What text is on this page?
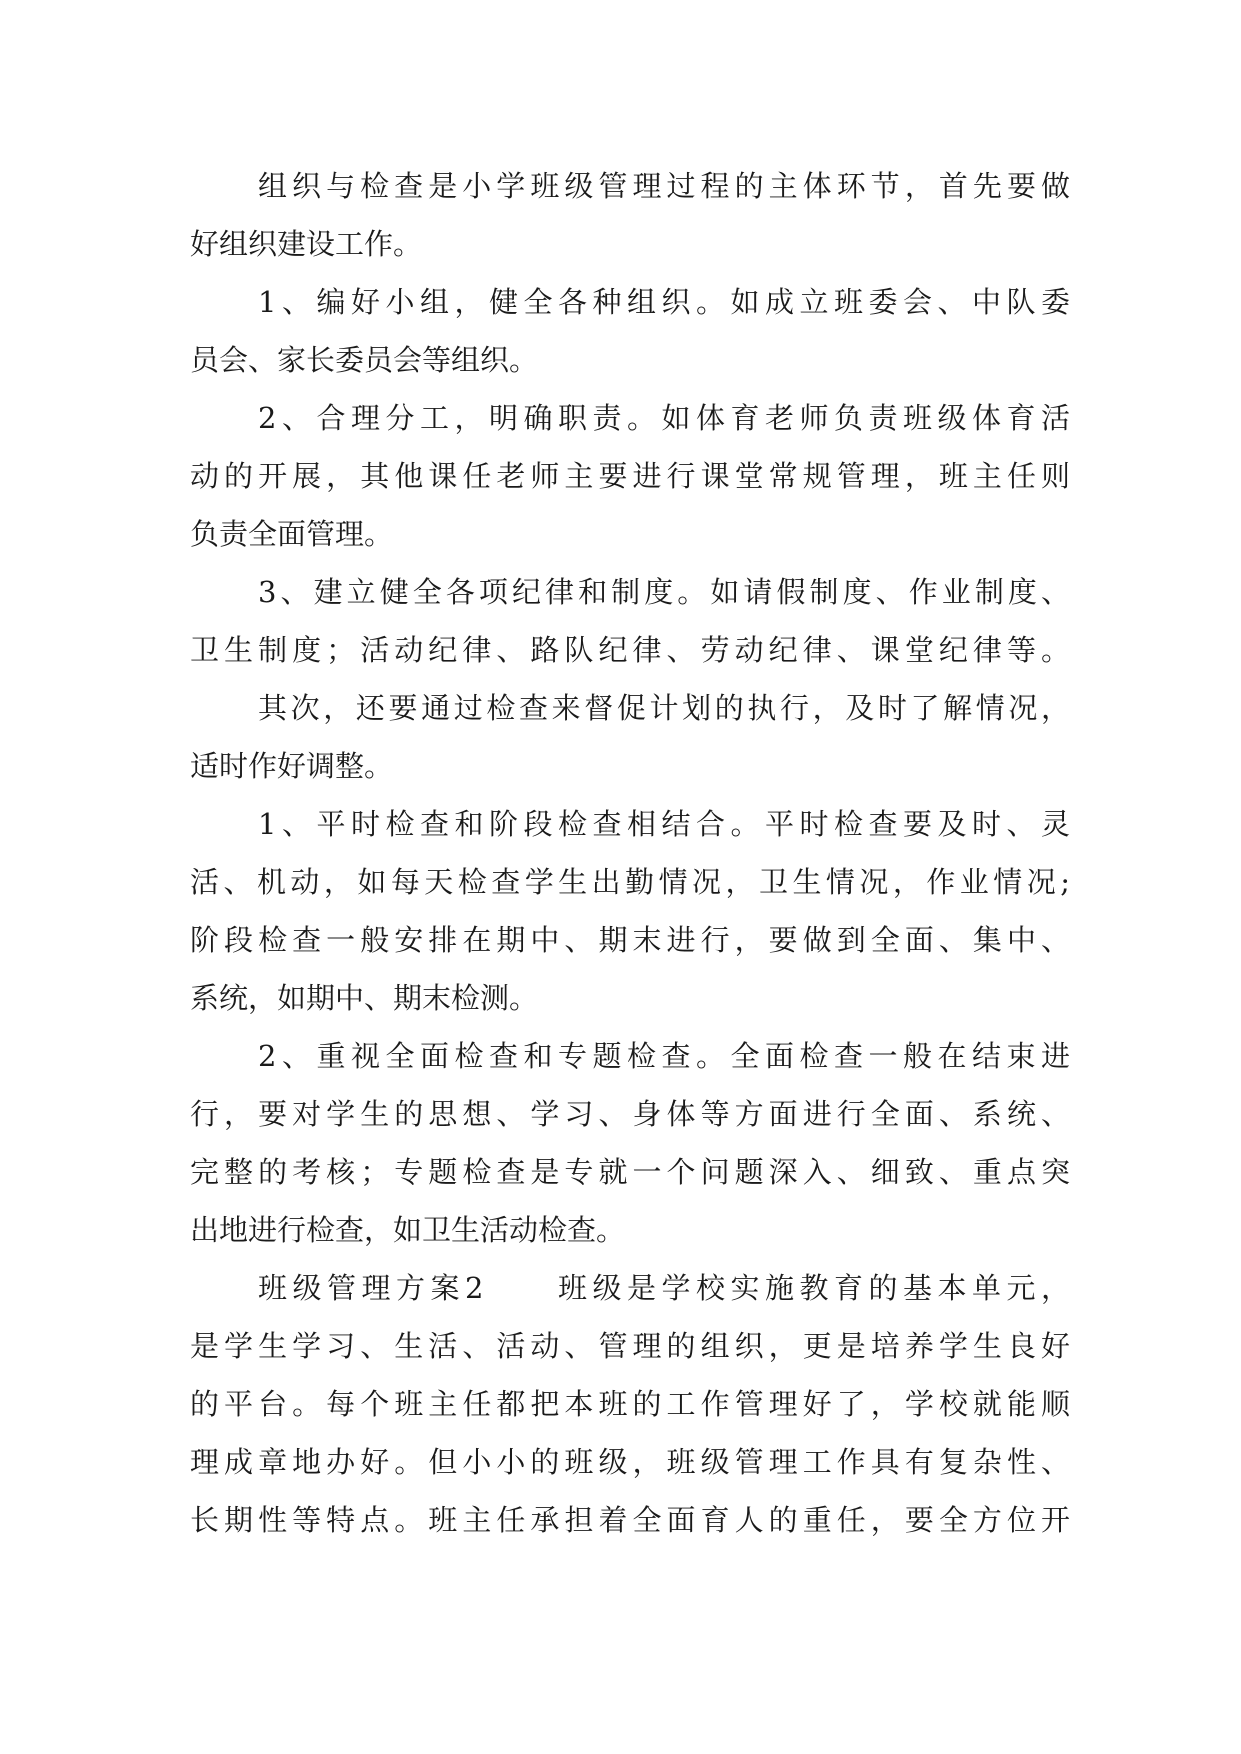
组织与检查是小学班级管理过程的主体环节，首先要做
好组织建设工作。
1、编好小组，健全各种组织。如成立班委会、中队委
员会、家长委员会等组织。
2、合理分工，明确职责。如体育老师负责班级体育活
动的开展，其他课任老师主要进行课堂常规管理，班主任则
负责全面管理。
3、建立健全各项纪律和制度。如请假制度、作业制度、
卫生制度；活动纪律、路队纪律、劳动纪律、课堂纪律等。
其次，还要通过检查来督促计划的执行，及时了解情况，
适时作好调整。
1、平时检查和阶段检查相结合。平时检查要及时、灵
活、机动，如每天检查学生出勤情况，卫生情况，作业情况;
阶段检查一般安排在期中、期末进行，要做到全面、集中、
系统，如期中、期末检测。
2、重视全面检查和专题检查。全面检查一般在结束进
行，要对学生的思想、学习、身体等方面进行全面、系统、
完整的考核；专题检查是专就一个问题深入、细致、重点突
出地进行检查，如卫生活动检查。
班级管理方案2　　班级是学校实施教育的基本单元，
是学生学习、生活、活动、管理的组织，更是培养学生良好
的平台。每个班主任都把本班的工作管理好了，学校就能顺
理成章地办好。但小小的班级，班级管理工作具有复杂性、
长期性等特点。班主任承担着全面育人的重任，要全方位开
